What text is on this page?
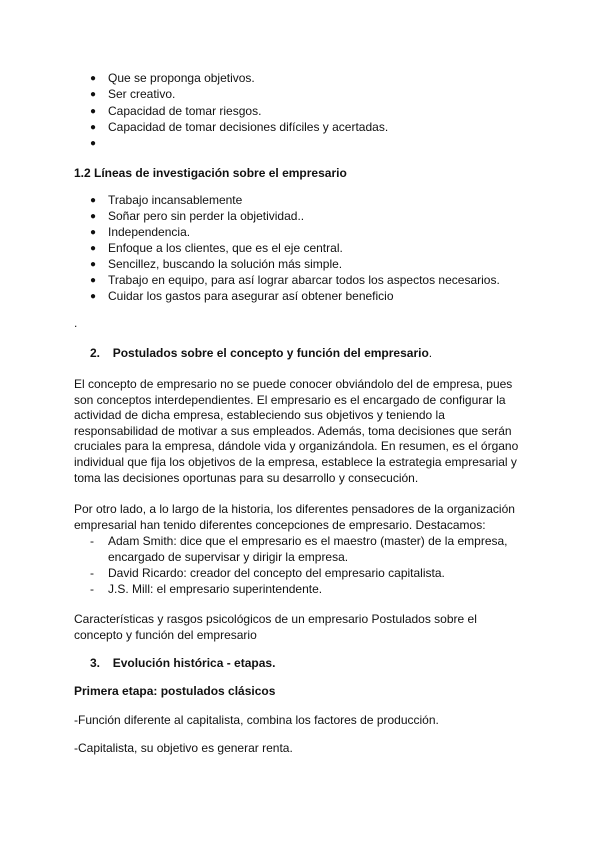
● Que se proponga objetivos.
● Ser creativo.
● Capacidad de tomar riesgos.
● Capacidad de tomar decisiones difíciles y acertadas.
●
1.2 Líneas de investigación sobre el empresario
● Trabajo incansablemente
● Soñar pero sin perder la objetividad..
● Independencia.
● Enfoque a los clientes, que es el eje central.
● Sencillez, buscando la solución más simple.
● Trabajo en equipo, para así lograr abarcar todos los aspectos necesarios.
● Cuidar los gastos para asegurar así obtener beneficio
.
2. Postulados sobre el concepto y función del empresario.
El concepto de empresario no se puede conocer obviándolo del de empresa, pues
son conceptos interdependientes. El empresario es el encargado de configurar la
actividad de dicha empresa, estableciendo sus objetivos y teniendo la
responsabilidad de motivar a sus empleados. Además, toma decisiones que serán
cruciales para la empresa, dándole vida y organizándola. En resumen, es el órgano
individual que fija los objetivos de la empresa, establece la estrategia empresarial y
toma las decisiones oportunas para su desarrollo y consecución.
Por otro lado, a lo largo de la historia, los diferentes pensadores de la organización
empresarial han tenido diferentes concepciones de empresario. Destacamos:
- Adam Smith: dice que el empresario es el maestro (master) de la empresa,
encargado de supervisar y dirigir la empresa.
- David Ricardo: creador del concepto del empresario capitalista.
- J.S. Mill: el empresario superintendente.
Características y rasgos psicológicos de un empresario Postulados sobre el
concepto y función del empresario
3. Evolución histórica - etapas.
Primera etapa: postulados clásicos
-Función diferente al capitalista, combina los factores de producción.
-Capitalista, su objetivo es generar renta.
